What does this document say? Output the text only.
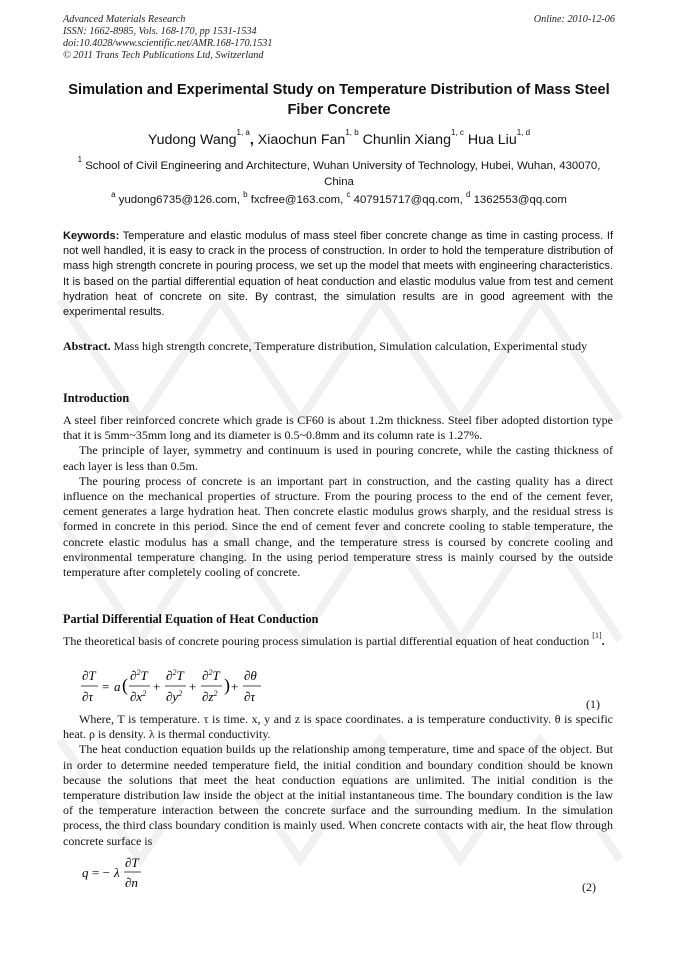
Advanced Materials Research
ISSN: 1662-8985, Vols. 168-170, pp 1531-1534
doi:10.4028/www.scientific.net/AMR.168-170.1531
© 2011 Trans Tech Publications Ltd, Switzerland
Online: 2010-12-06
Simulation and Experimental Study on Temperature Distribution of Mass Steel Fiber Concrete
Yudong Wang$^{1, a}$, Xiaochun Fan$^{1, b}$ Chunlin Xiang$^{1, c}$ Hua Liu$^{1, d}$
$^1$ School of Civil Engineering and Architecture, Wuhan University of Technology, Hubei, Wuhan, 430070, China
$^a$ yudong6735@126.com, $^b$ fxcfree@163.com, $^c$ 407915717@qq.com, $^d$ 1362553@qq.com
Keywords: Temperature and elastic modulus of mass steel fiber concrete change as time in casting process. If not well handled, it is easy to crack in the process of construction. In order to hold the temperature distribution of mass high strength concrete in pouring process, we set up the model that meets with engineering characteristics. It is based on the partial differential equation of heat conduction and elastic modulus value from test and cement hydration heat of concrete on site. By contrast, the simulation results are in good agreement with the experimental results.
Abstract. Mass high strength concrete, Temperature distribution, Simulation calculation, Experimental study
Introduction

A steel fiber reinforced concrete which grade is CF60 is about 1.2m thickness. Steel fiber adopted distortion type that it is 5mm~35mm long and its diameter is 0.5~0.8mm and its column rate is 1.27%.

The principle of layer, symmetry and continuum is used in pouring concrete, while the casting thickness of each layer is less than 0.5m.

The pouring process of concrete is an important part in construction, and the casting quality has a direct influence on the mechanical properties of structure. From the pouring process to the end of the cement fever, cement generates a large hydration heat. Then concrete elastic modulus grows sharply, and the residual stress is formed in concrete in this period. Since the end of cement fever and concrete cooling to stable temperature, the concrete elastic modulus has a small change, and the temperature stress is coursed by concrete cooling and environmental temperature changing. In the using period temperature stress is mainly coursed by the outside temperature after completely cooling of concrete.

Partial Differential Equation of Heat Conduction

The theoretical basis of concrete pouring process simulation is partial differential equation of heat conduction [1].

∂T
∂τ
= a ( ∂$^2$T
$\partial x^2$ +
∂$^2$T
$\partial y^2$ +
∂$^2$T
$\partial z^2$ ) +
∂θ
∂τ	(1)

Where, T is temperature. τ is time. x, y and z is space coordinates. a is temperature conductivity. θ is specific heat. ρ is density. λ is thermal conductivity.

The heat conduction equation builds up the relationship among temperature, time and space of the object. But in order to determine needed temperature field, the initial condition and boundary condition should be known because the solutions that meet the heat conduction equations are unlimited. The initial condition is the temperature distribution law inside the object at the initial instantaneous time. The boundary condition is the law of the temperature interaction between the concrete surface and the surrounding medium. In the simulation process, the third class boundary condition is mainly used. When concrete contacts with air, the heat flow through concrete surface is

q = − λ
∂T
∂n	(2)
